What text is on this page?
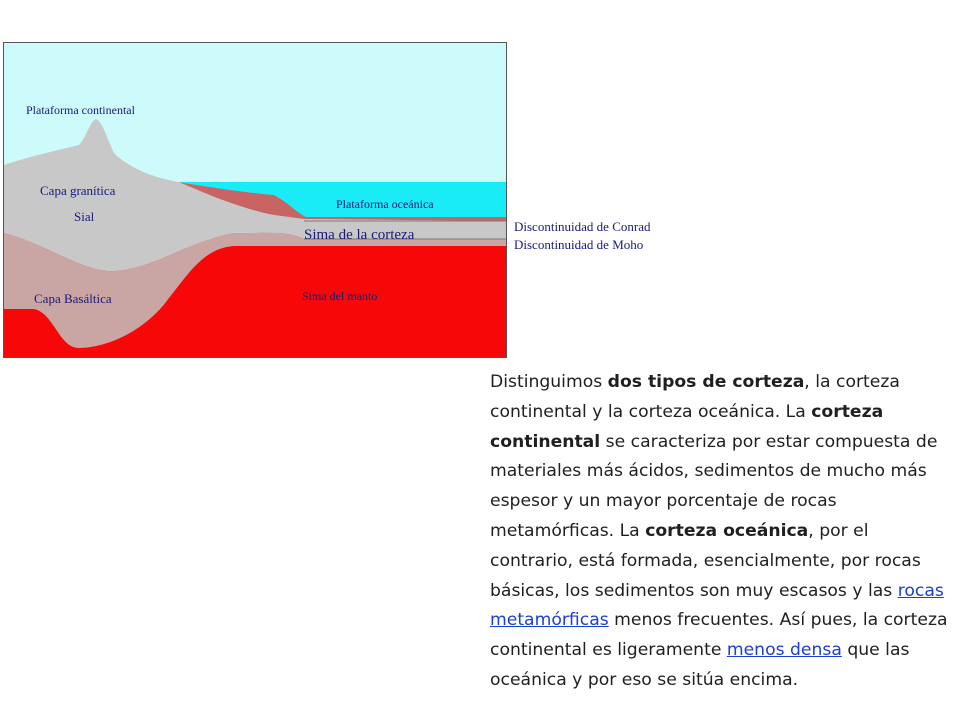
Plataforma continental
Capa granítica
Sial
Plataforma oceánica
Sima de la corteza
Capa Basáltica	Sima del manto
Discontinuidad de Conrad
Discontinuidad de Moho
Distinguimos dos tipos de corteza, la corteza continental y la corteza oceánica. La corteza continental se caracteriza por estar compuesta de materiales más ácidos, sedimentos de mucho más espesor y un mayor porcentaje de rocas metamórficas. La corteza oceánica, por el contrario, está formada, esencialmente, por rocas básicas, los sedimentos son muy escasos y las rocas metamórficas menos frecuentes. Así pues, la corteza continental es ligeramente menos densa que las oceánica y por eso se sitúa encima.
